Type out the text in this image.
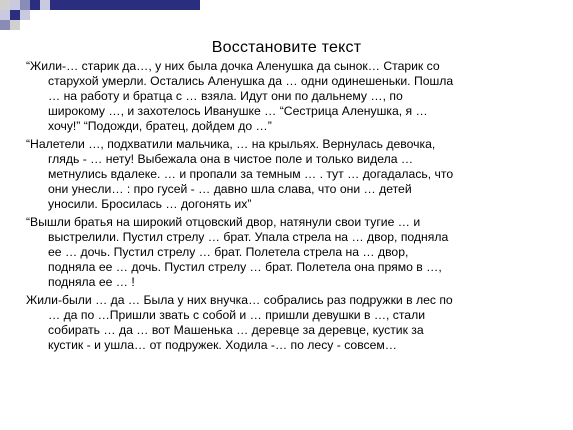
Восстановите текст
“Жили-… старик да…, у них была дочка Аленушка да сынок… Старик со
старухой умерли. Остались Аленушка да … одни одинешеньки. Пошла
… на работу и братца с … взяла. Идут они по дальнему …, по
широкому …, и захотелось Иванушке … “Сестрица Аленушка, я …
хочу!” “Подожди, братец, дойдем до …”
“Налетели …, подхватили мальчика, … на крыльях. Вернулась девочка,
глядь - … нету! Выбежала она в чистое поле и только видела …
метнулись вдалеке. … и пропали за темным … . тут … догадалась, что
они унесли… : про гусей - … давно шла слава, что они … детей
уносили. Бросилась … догонять их”
“Вышли братья на широкий отцовский двор, натянули свои тугие … и
выстрелили. Пустил стрелу … брат. Упала стрела на … двор, подняла
ее … дочь. Пустил стрелу … брат. Полетела стрела на … двор,
подняла ее … дочь. Пустил стрелу … брат. Полетела она прямо в …,
подняла ее … !
Жили-были … да … Была у них внучка… собрались раз подружки в лес по
… да по …Пришли звать с собой и … пришли девушки в …, стали
собирать … да … вот Машенька … деревце за деревце, кустик за
кустик - и ушла… от подружек. Ходила -… по лесу - совсем…
